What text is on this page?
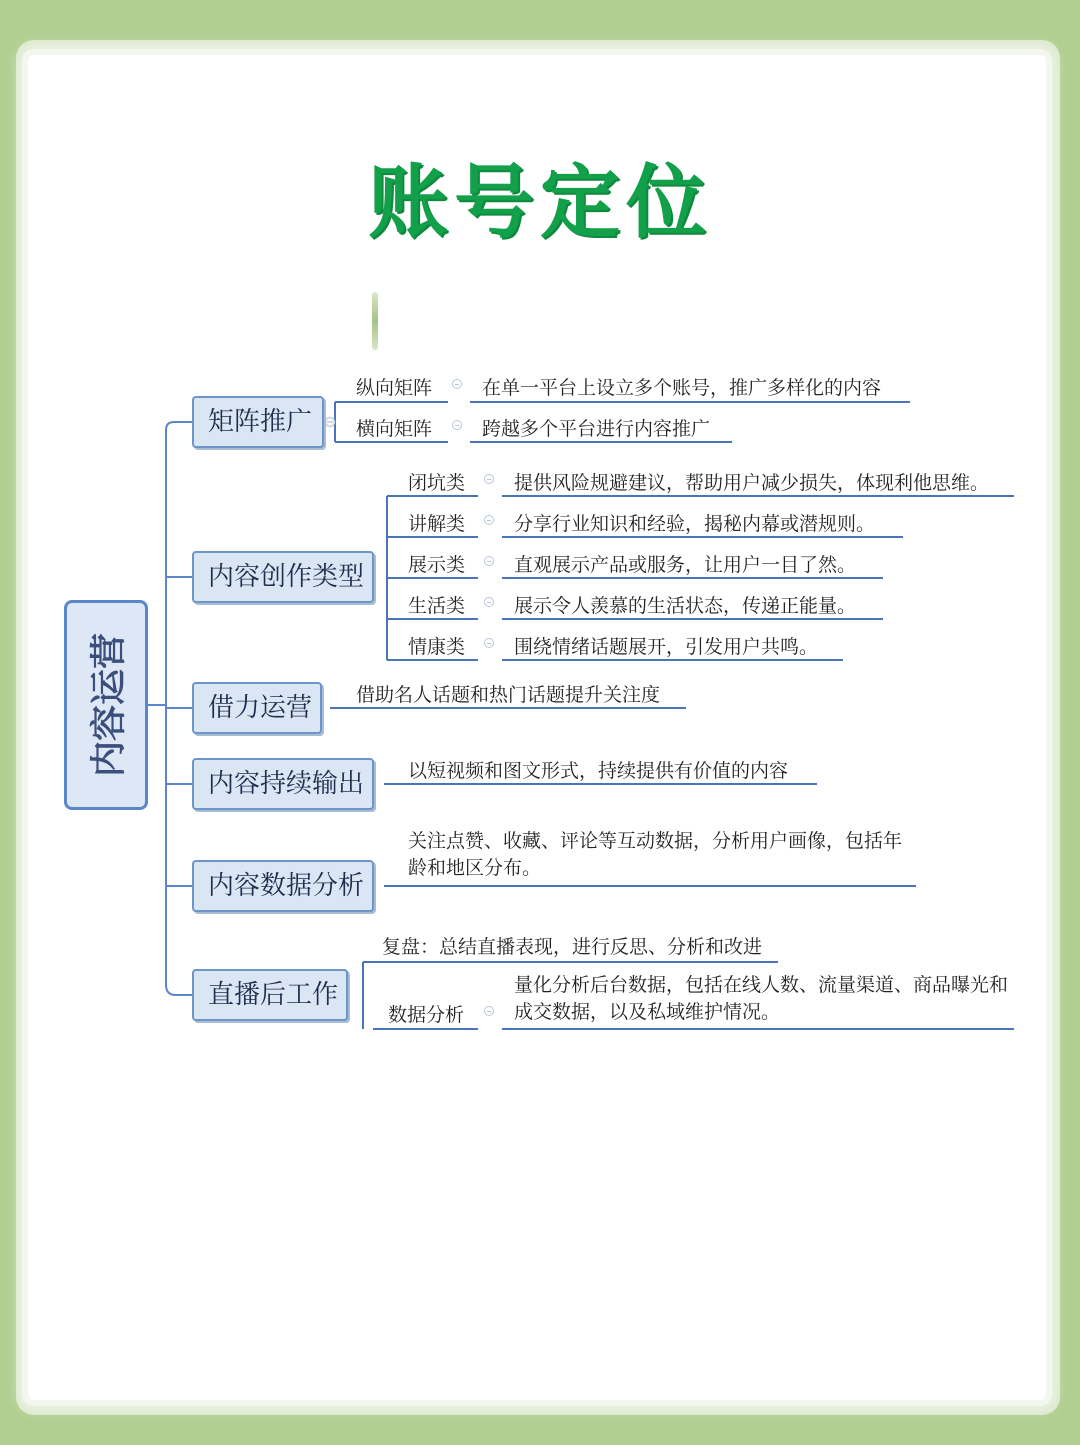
账号定位
内容运营
矩阵推广
纵向矩阵	在单一平台上设立多个账号，推广多样化的内容
横向矩阵	跨越多个平台进行内容推广
内容创作类型
闭坑类	提供风险规避建议，帮助用户减少损失，体现利他思维。
讲解类	分享行业知识和经验，揭秘内幕或潜规则。
展示类	直观展示产品或服务，让用户一目了然。
生活类	展示令人羡慕的生活状态，传递正能量。
情康类	围绕情绪话题展开，引发用户共鸣。
借力运营	借助名人话题和热门话题提升关注度
内容持续输出	以短视频和图文形式，持续提供有价值的内容
内容数据分析
关注点赞、收藏、评论等互动数据，分析用户画像，包括年龄和地区分布。
直播后工作
复盘：总结直播表现，进行反思、分析和改进
数据分析
量化分析后台数据，包括在线人数、流量渠道、商品曝光和成交数据，以及私域维护情况。
